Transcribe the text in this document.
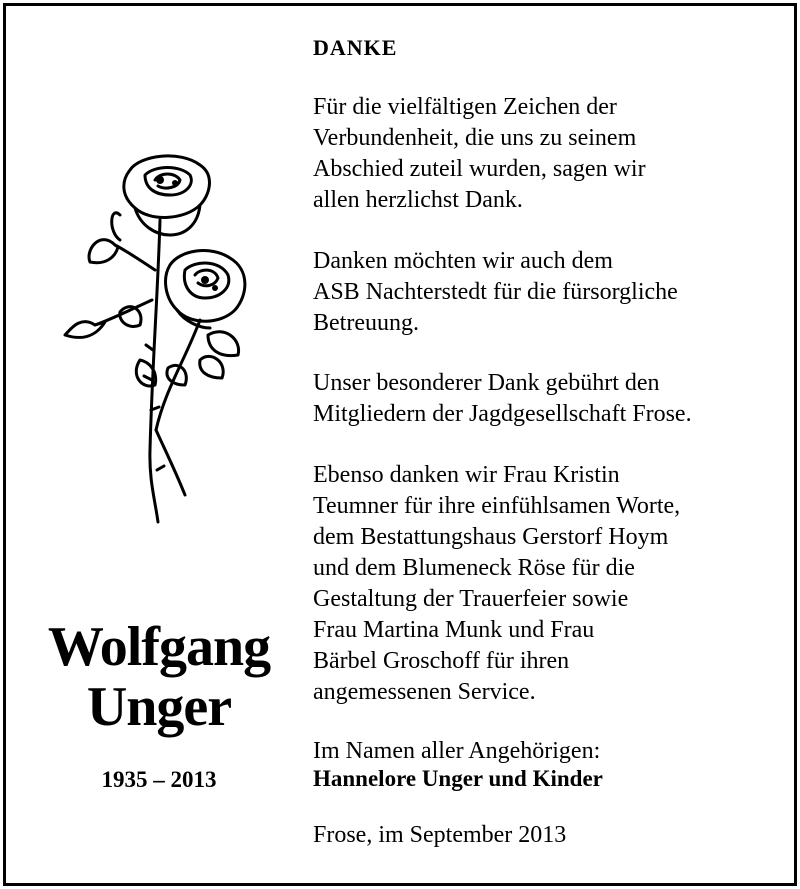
Wolfgang
Unger
1935 – 2013
DANKE
Für die vielfältigen Zeichen der
Verbundenheit, die uns zu seinem
Abschied zuteil wurden, sagen wir
allen herzlichst Dank.
Danken möchten wir auch dem
ASB Nachterstedt für die fürsorgliche
Betreuung.
Unser besonderer Dank gebührt den
Mitgliedern der Jagdgesellschaft Frose.
Ebenso danken wir Frau Kristin
Teumner für ihre einfühlsamen Worte,
dem Bestattungshaus Gerstorf Hoym
und dem Blumeneck Röse für die
Gestaltung der Trauerfeier sowie
Frau Martina Munk und Frau
Bärbel Groschoff für ihren
angemessenen Service.
Im Namen aller Angehörigen:
Hannelore Unger und Kinder
Frose, im September 2013
